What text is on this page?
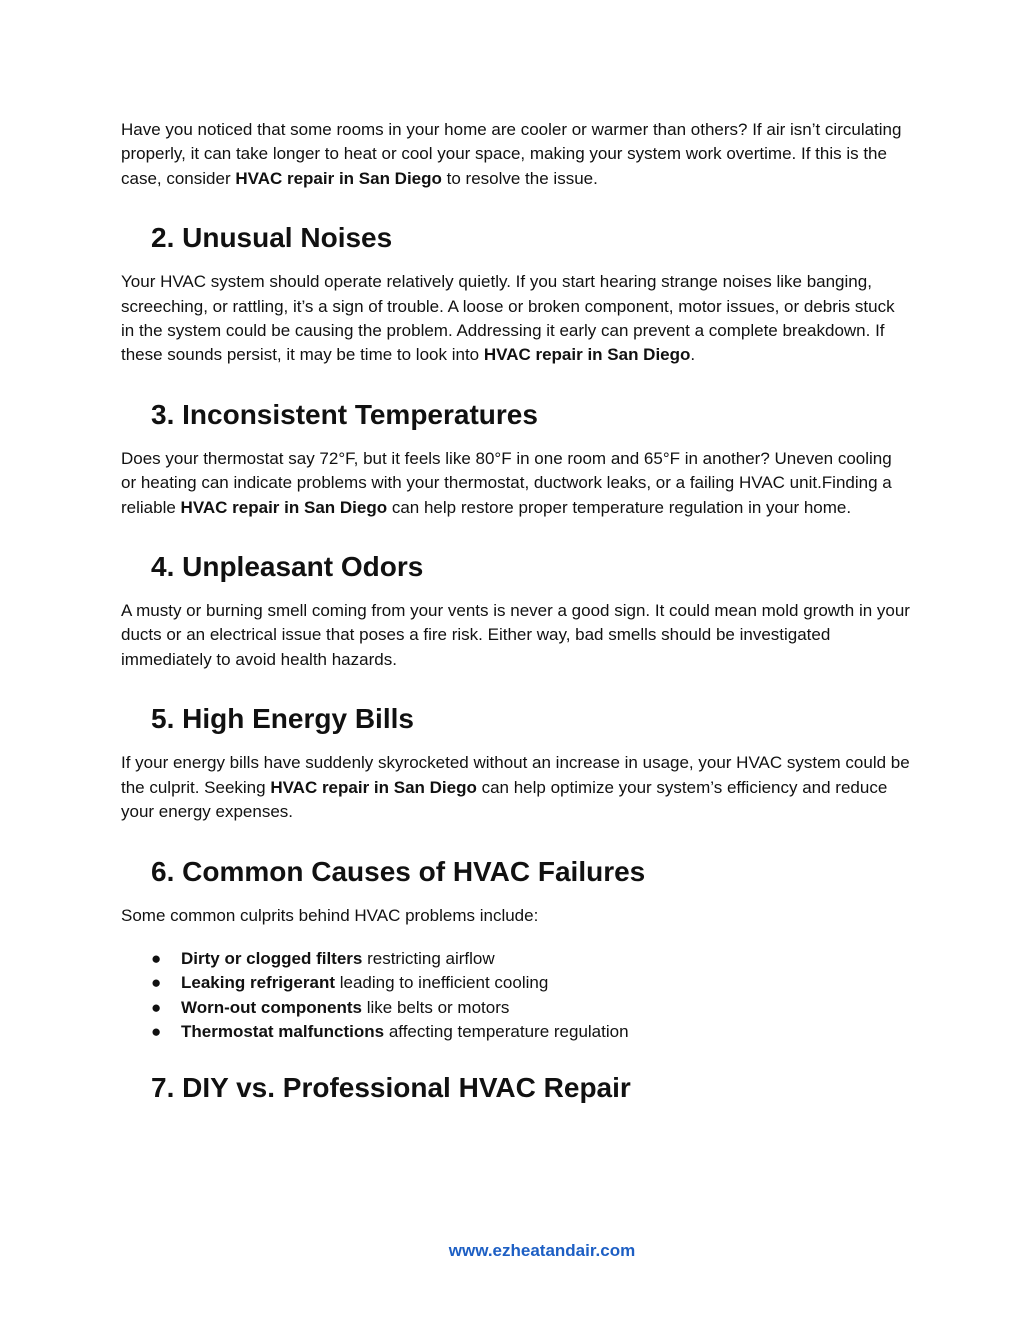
Have you noticed that some rooms in your home are cooler or warmer than others? If air isn’t circulating properly, it can take longer to heat or cool your space, making your system work overtime. If this is the case, consider HVAC repair in San Diego to resolve the issue.

2. Unusual Noises

Your HVAC system should operate relatively quietly. If you start hearing strange noises like banging, screeching, or rattling, it’s a sign of trouble. A loose or broken component, motor issues, or debris stuck in the system could be causing the problem. Addressing it early can prevent a complete breakdown. If these sounds persist, it may be time to look into HVAC repair in San Diego.

3. Inconsistent Temperatures

Does your thermostat say 72°F, but it feels like 80°F in one room and 65°F in another? Uneven cooling or heating can indicate problems with your thermostat, ductwork leaks, or a failing HVAC unit.Finding a reliable HVAC repair in San Diego can help restore proper temperature regulation in your home.

4. Unpleasant Odors

A musty or burning smell coming from your vents is never a good sign. It could mean mold growth in your ducts or an electrical issue that poses a fire risk. Either way, bad smells should be investigated immediately to avoid health hazards.

5. High Energy Bills

If your energy bills have suddenly skyrocketed without an increase in usage, your HVAC system could be the culprit. Seeking HVAC repair in San Diego can help optimize your system’s efficiency and reduce your energy expenses.

6. Common Causes of HVAC Failures

Some common culprits behind HVAC problems include:

● Dirty or clogged filters restricting airflow
● Leaking refrigerant leading to inefficient cooling
● Worn-out components like belts or motors
● Thermostat malfunctions affecting temperature regulation
7. DIY vs. Professional HVAC Repair
www.ezheatandair.com
